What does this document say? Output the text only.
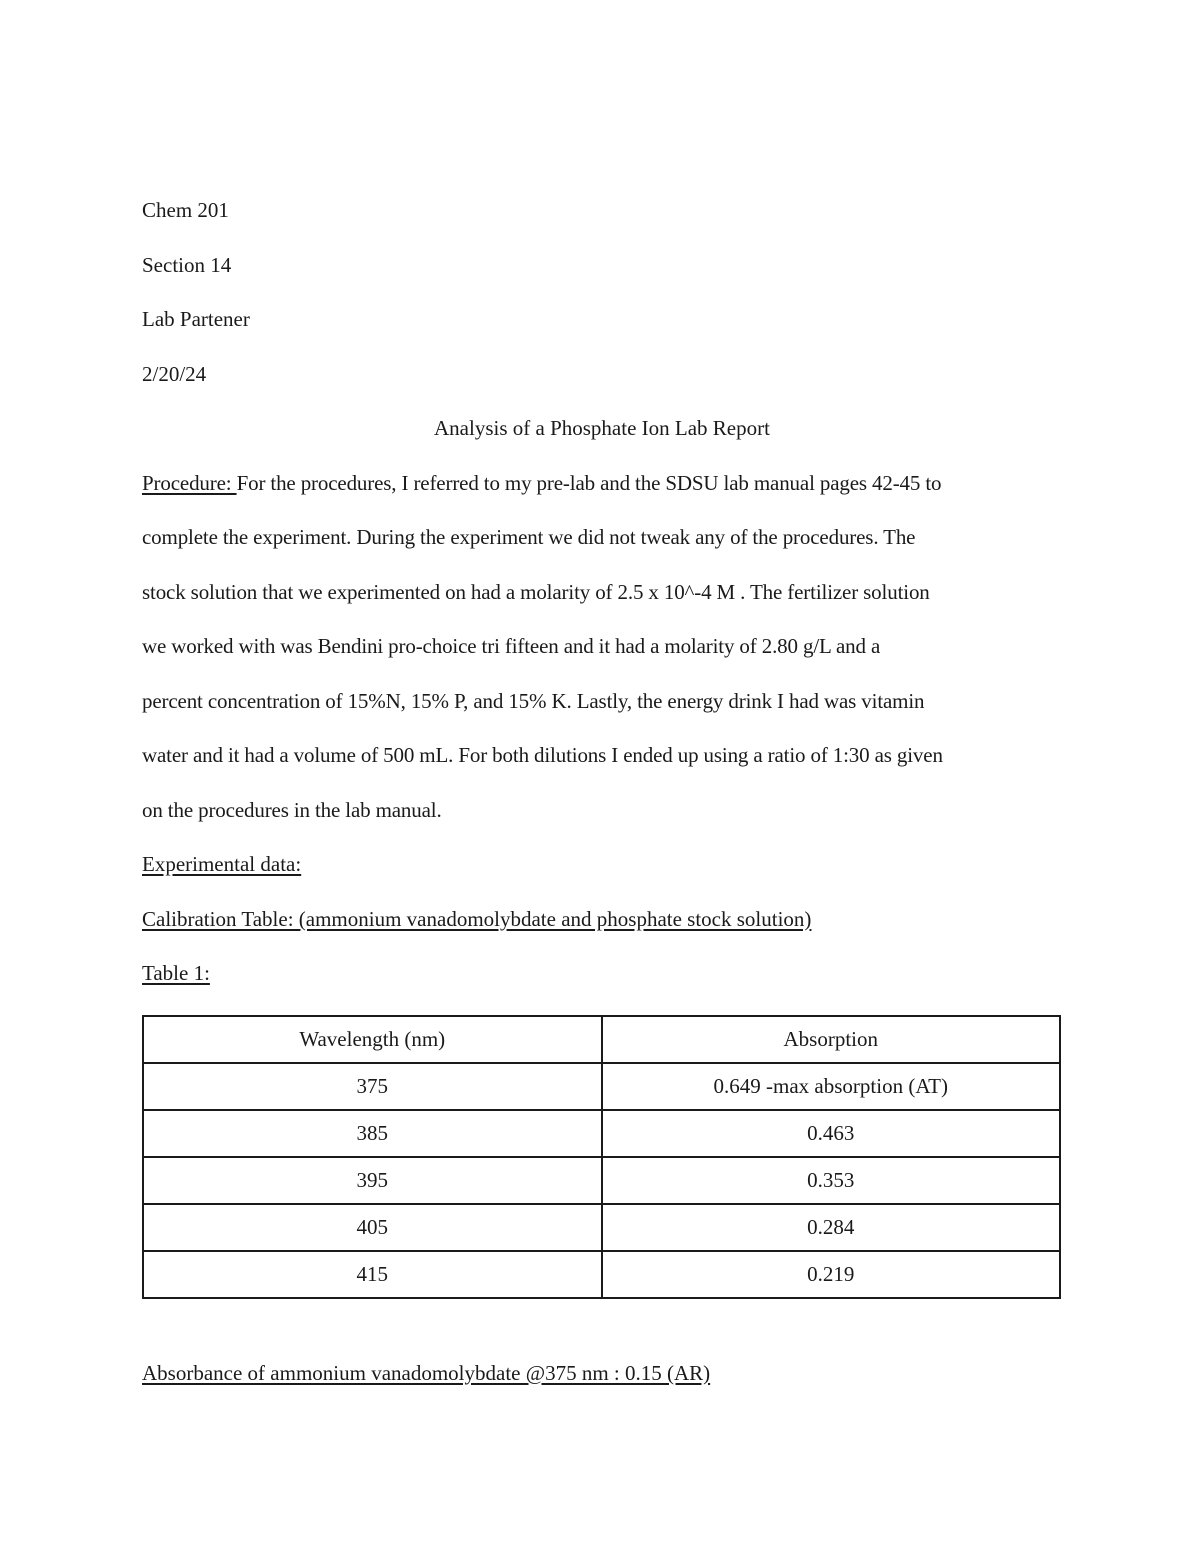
Chem 201
Section 14
Lab Partener
2/20/24
Analysis of a Phosphate Ion Lab Report
Procedure: For the procedures, I referred to my pre-lab and the SDSU lab manual pages 42-45 to
complete the experiment. During the experiment we did not tweak any of the procedures. The
stock solution that we experimented on had a molarity of 2.5 x 10^-4 M . The fertilizer solution
we worked with was Bendini pro-choice tri fifteen and it had a molarity of 2.80 g/L and a
percent concentration of 15%N, 15% P, and 15% K. Lastly, the energy drink I had was vitamin
water and it had a volume of 500 mL. For both dilutions I ended up using a ratio of 1:30 as given
on the procedures in the lab manual.
Experimental data:
Calibration Table: (ammonium vanadomolybdate and phosphate stock solution)
Table 1:
Wavelength (nm)	Absorption
375	0.649 -max absorption (AT)
385	0.463
395	0.353
405	0.284
415	0.219
Absorbance of ammonium vanadomolybdate @375 nm : 0.15 (AR)
